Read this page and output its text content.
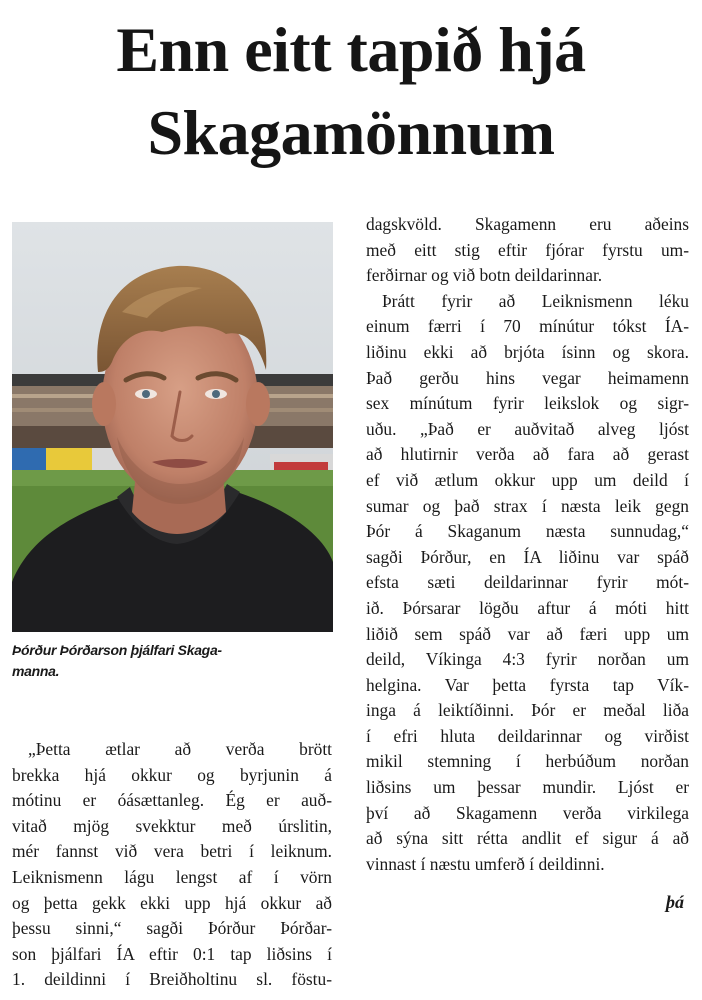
Enn eitt tapið hjá
Skagamönnum

Þórður Þórðarson þjálfari Skaga-
manna.

„Þetta ætlar að verða brött
brekka hjá okkur og byrjunin á
mótinu er óásættanleg. Ég er auð-
vitað mjög svekktur með úrslitin,
mér fannst við vera betri í leiknum.
Leiknismenn lágu lengst af í vörn
og þetta gekk ekki upp hjá okkur að
þessu sinni,“ sagði Þórður Þórðar-
son þjálfari ÍA eftir 0:1 tap liðsins í
1. deildinni í Breiðholtinu sl. föstu-
dagskvöld. Skagamenn eru aðeins
með eitt stig eftir fjórar fyrstu um-
ferðirnar og við botn deildarinnar.
Þrátt fyrir að Leiknismenn léku
einum færri í 70 mínútur tókst ÍA-
liðinu ekki að brjóta ísinn og skora.
Það gerðu hins vegar heimamenn
sex mínútum fyrir leikslok og sigr-
uðu. „Það er auðvitað alveg ljóst
að hlutirnir verða að fara að gerast
ef við ætlum okkur upp um deild í
sumar og það strax í næsta leik gegn
Þór á Skaganum næsta sunnudag,“
sagði Þórður, en ÍA liðinu var spáð
efsta sæti deildarinnar fyrir mót-
ið. Þórsarar lögðu aftur á móti hitt
liðið sem spáð var að færi upp um
deild, Víkinga 4:3 fyrir norðan um
helgina. Var þetta fyrsta tap Vík-
inga á leiktíðinni. Þór er meðal liða
í efri hluta deildarinnar og virðist
mikil stemning í herbúðum norðan
liðsins um þessar mundir. Ljóst er
því að Skagamenn verða virkilega
að sýna sitt rétta andlit ef sigur á að
vinnast í næstu umferð í deildinni.

þá
